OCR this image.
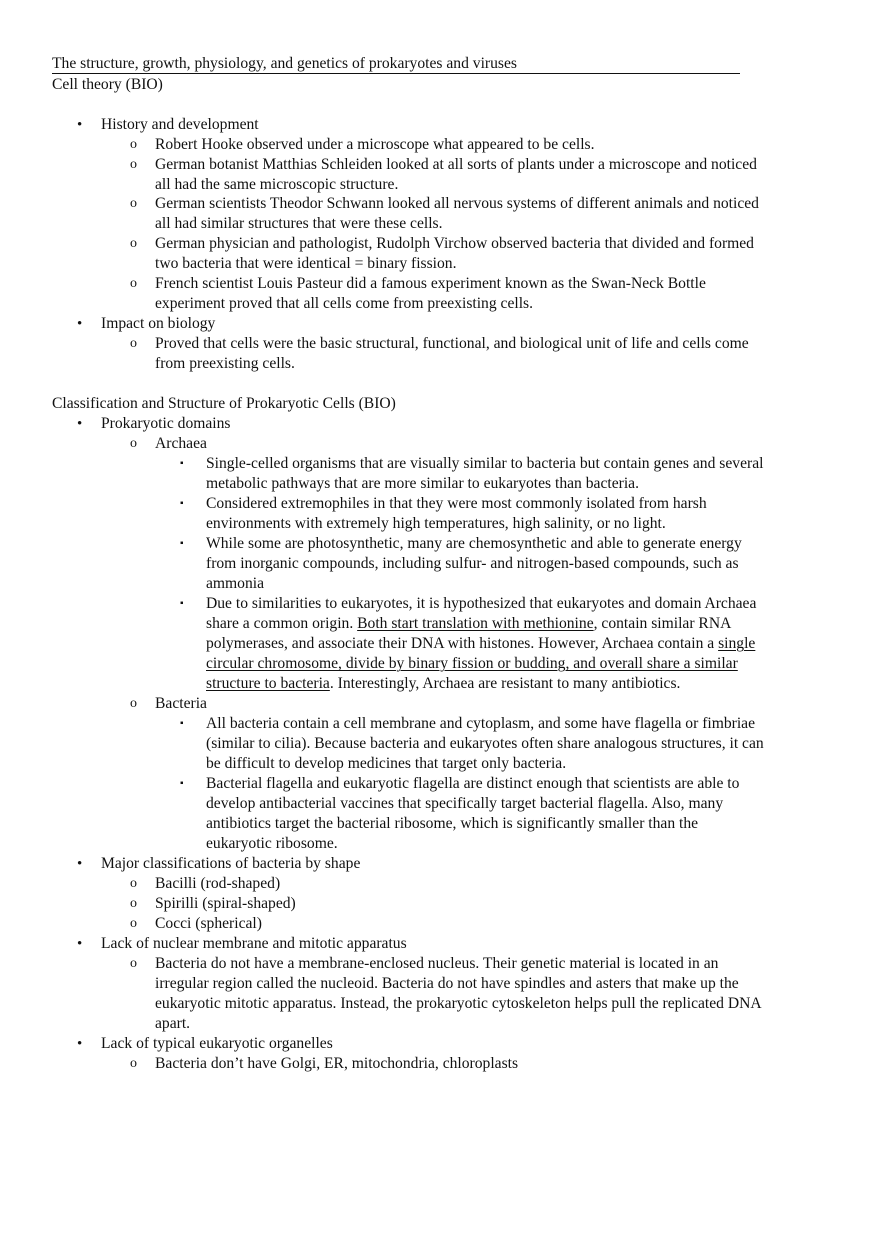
The structure, growth, physiology, and genetics of prokaryotes and viruses
Cell theory (BIO)
• History and development
o Robert Hooke observed under a microscope what appeared to be cells.
o German botanist Matthias Schleiden looked at all sorts of plants under a microscope and noticed
all had the same microscopic structure.
o German scientists Theodor Schwann looked all nervous systems of different animals and noticed
all had similar structures that were these cells.
o German physician and pathologist, Rudolph Virchow observed bacteria that divided and formed
two bacteria that were identical = binary fission.
o French scientist Louis Pasteur did a famous experiment known as the Swan-Neck Bottle
experiment proved that all cells come from preexisting cells.
• Impact on biology
o Proved that cells were the basic structural, functional, and biological unit of life and cells come
from preexisting cells.
Classification and Structure of Prokaryotic Cells (BIO)
• Prokaryotic domains
o Archaea
▪ Single-celled organisms that are visually similar to bacteria but contain genes and several
metabolic pathways that are more similar to eukaryotes than bacteria.
▪ Considered extremophiles in that they were most commonly isolated from harsh
environments with extremely high temperatures, high salinity, or no light.
▪ While some are photosynthetic, many are chemosynthetic and able to generate energy
from inorganic compounds, including sulfur- and nitrogen-based compounds, such as
ammonia
▪ Due to similarities to eukaryotes, it is hypothesized that eukaryotes and domain Archaea
share a common origin. Both start translation with methionine, contain similar RNA
polymerases, and associate their DNA with histones. However, Archaea contain a single
circular chromosome, divide by binary fission or budding, and overall share a similar
structure to bacteria. Interestingly, Archaea are resistant to many antibiotics.
o Bacteria
▪ All bacteria contain a cell membrane and cytoplasm, and some have flagella or fimbriae
(similar to cilia). Because bacteria and eukaryotes often share analogous structures, it can
be difficult to develop medicines that target only bacteria.
▪ Bacterial flagella and eukaryotic flagella are distinct enough that scientists are able to
develop antibacterial vaccines that specifically target bacterial flagella. Also, many
antibiotics target the bacterial ribosome, which is significantly smaller than the
eukaryotic ribosome.
• Major classifications of bacteria by shape
o Bacilli (rod-shaped)
o Spirilli (spiral-shaped)
o Cocci (spherical)
• Lack of nuclear membrane and mitotic apparatus
o Bacteria do not have a membrane-enclosed nucleus. Their genetic material is located in an
irregular region called the nucleoid. Bacteria do not have spindles and asters that make up the
eukaryotic mitotic apparatus. Instead, the prokaryotic cytoskeleton helps pull the replicated DNA
apart.
• Lack of typical eukaryotic organelles
o Bacteria don’t have Golgi, ER, mitochondria, chloroplasts
